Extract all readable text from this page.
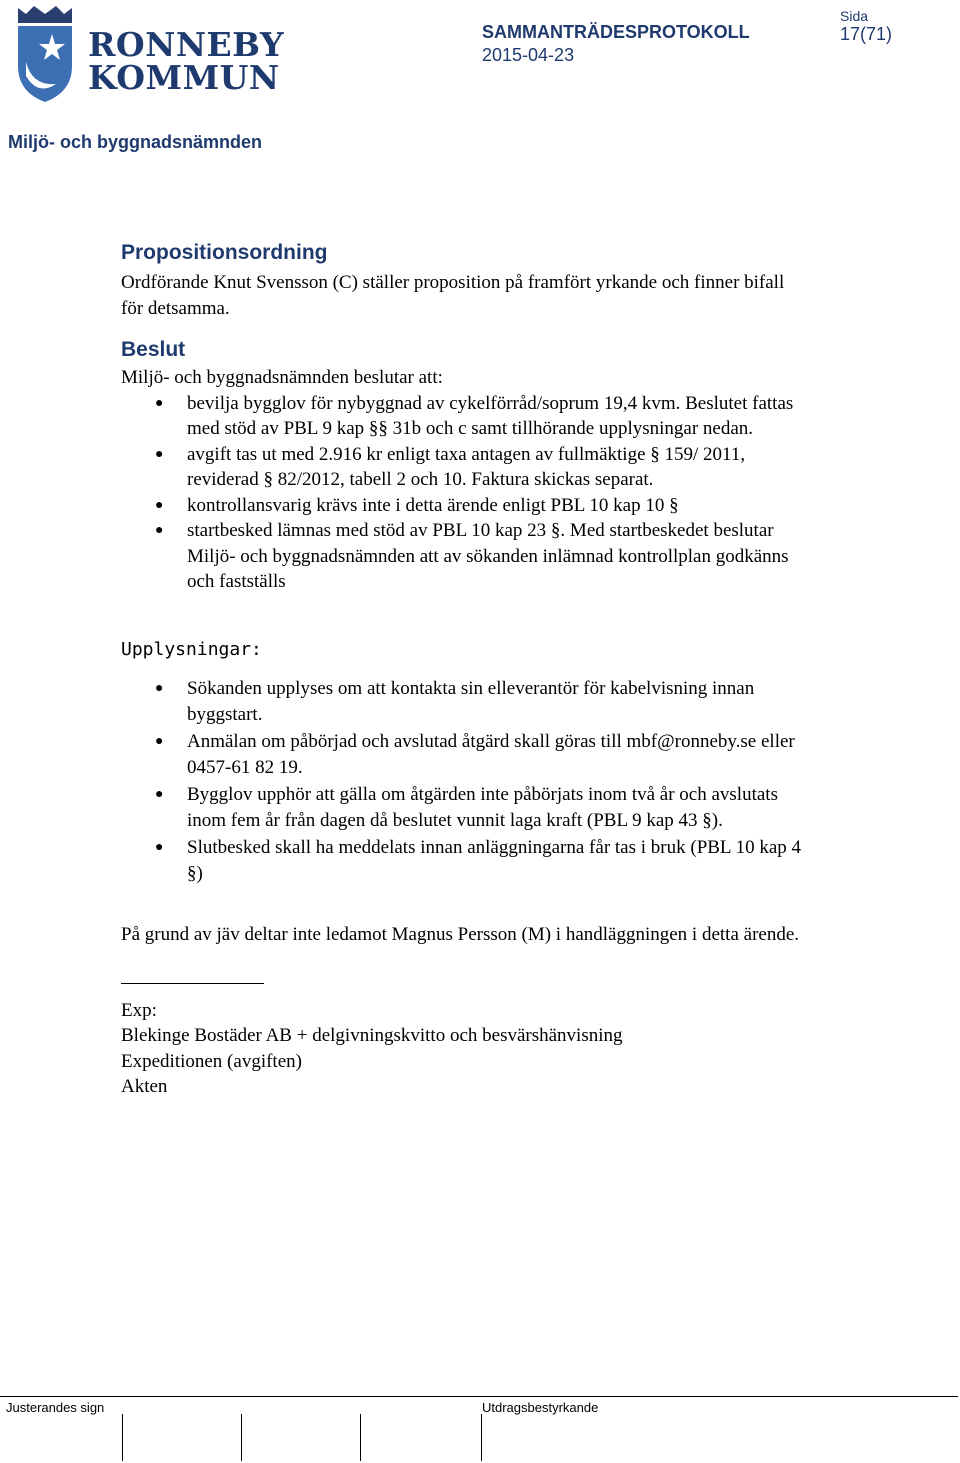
RONNEBY
KOMMUN
SAMMANTRÄDESPROTOKOLL
2015-04-23
Sida
17(71)
Miljö- och byggnadsnämnden
Propositionsordning

Ordförande Knut Svensson (C) ställer proposition på framfört yrkande och finner bifall för detsamma.

Beslut

Miljö- och byggnadsnämnden beslutar att:

● bevilja bygglov för nybyggnad av cykelförråd/soprum 19,4 kvm. Beslutet fattas med stöd av PBL 9 kap §§ 31b och c samt tillhörande upplysningar nedan.
● avgift tas ut med 2.916 kr enligt taxa antagen av fullmäktige § 159/ 2011, reviderad § 82/2012, tabell 2 och 10. Faktura skickas separat.
● kontrollansvarig krävs inte i detta ärende enligt PBL 10 kap 10 §
● startbesked lämnas med stöd av PBL 10 kap 23 §. Med startbeskedet beslutar Miljö- och byggnadsnämnden att av sökanden inlämnad kontrollplan godkänns och fastställs

Upplysningar:

● Sökanden upplyses om att kontakta sin elleverantör för kabelvisning innan byggstart.
● Anmälan om påbörjad och avslutad åtgärd skall göras till mbf@ronneby.se eller 0457-61 82 19.
● Bygglov upphör att gälla om åtgärden inte påbörjats inom två år och avslutats inom fem år från dagen då beslutet vunnit laga kraft (PBL 9 kap 43 §).
● Slutbesked skall ha meddelats innan anläggningarna får tas i bruk (PBL 10 kap 4 §)

På grund av jäv deltar inte ledamot Magnus Persson (M) i handläggningen i detta ärende.

Exp:

Blekinge Bostäder AB + delgivningskvitto och besvärshänvisning

Expeditionen (avgiften)

Akten

Justerandes sign	Utdragsbestyrkande
